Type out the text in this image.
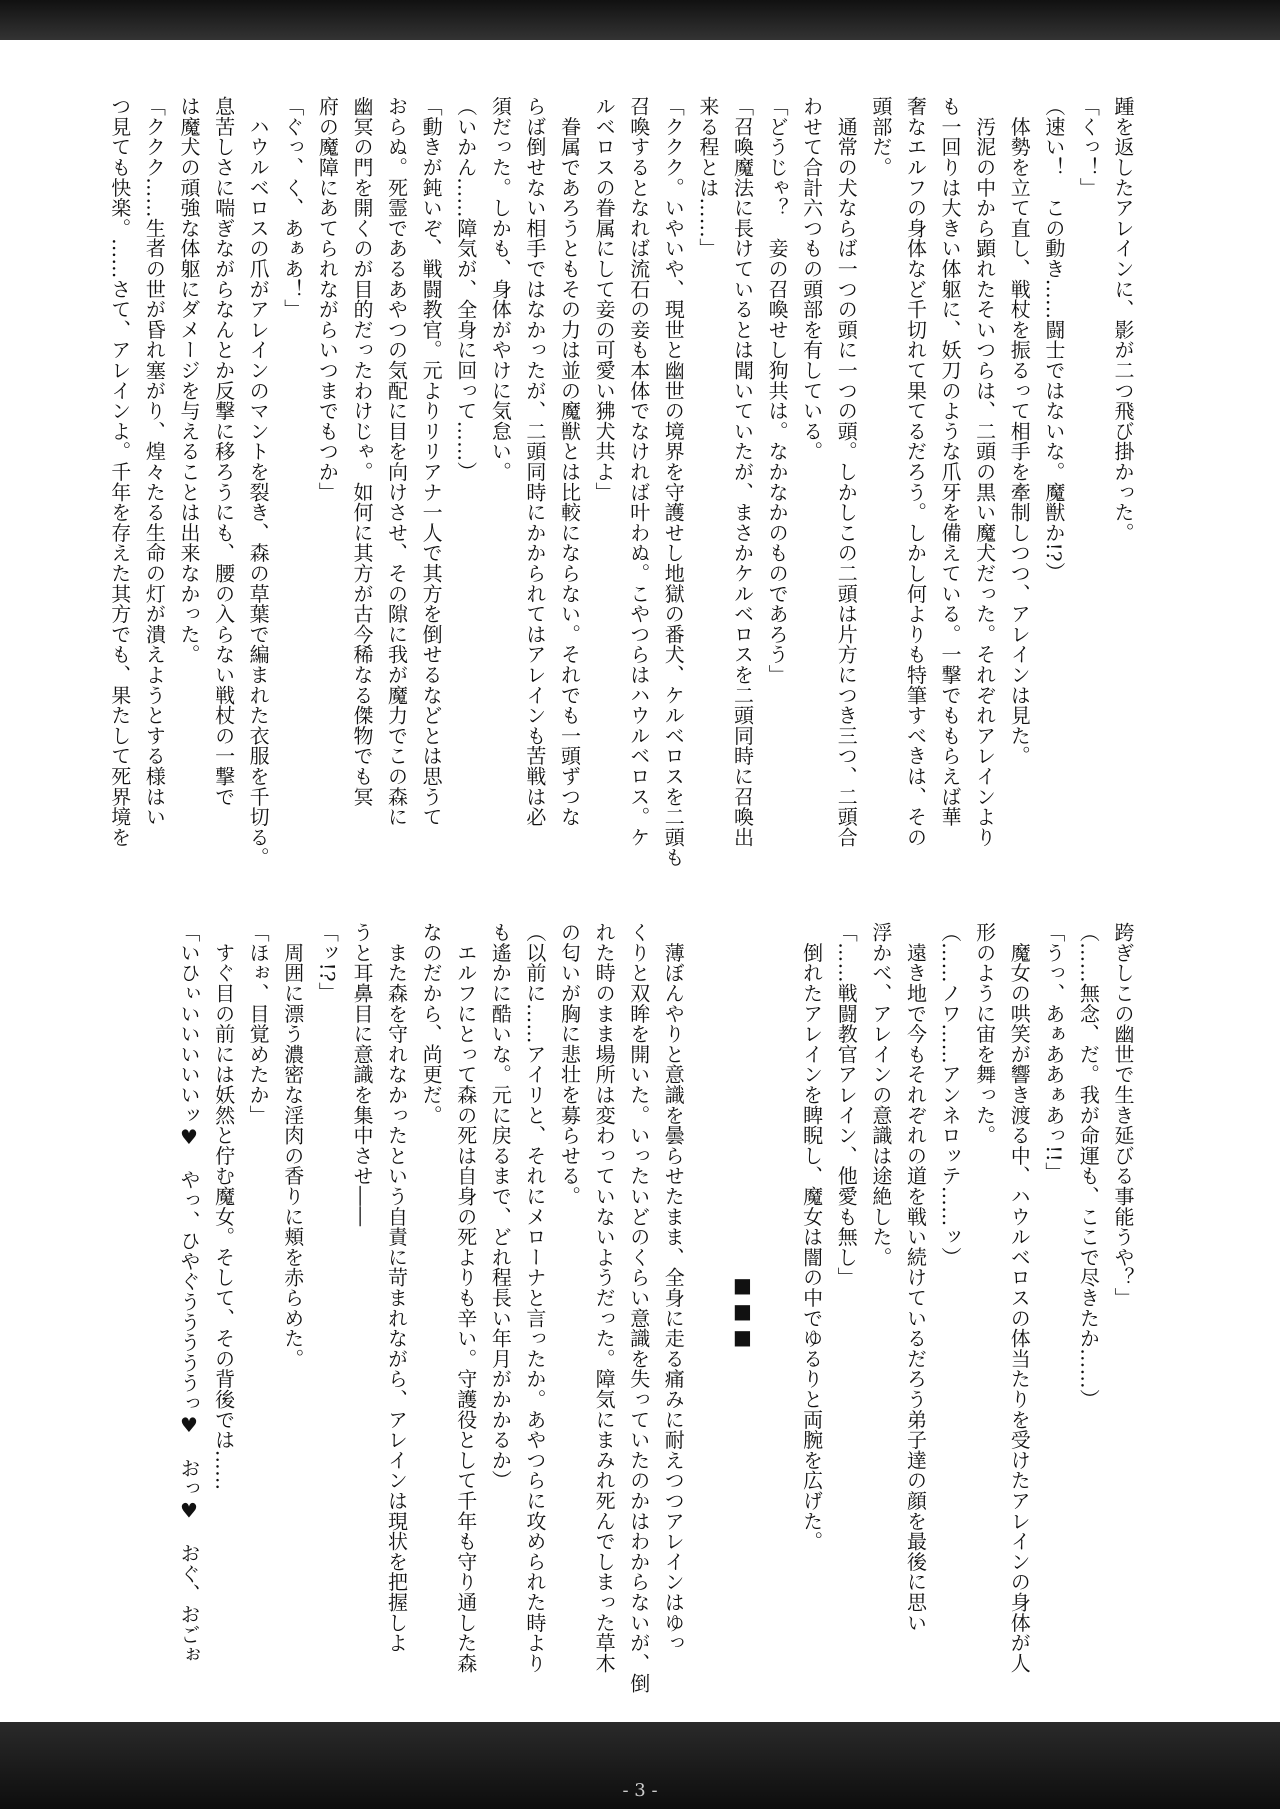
踵を返したアレインに、影が二つ飛び掛かった。
「くっ！」
（速い！　この動き……闘士ではないな。魔獣か!?）
　体勢を立て直し、戦杖を振るって相手を牽制しつつ、アレインは見た。
　汚泥の中から顕れたそいつらは、二頭の黒い魔犬だった。それぞれアレインより
も一回りは大きい体躯に、妖刀のような爪牙を備えている。一撃でももらえば華
奢なエルフの身体など千切れて果てるだろう。しかし何よりも特筆すべきは、その
頭部だ。
　通常の犬ならば一つの頭に一つの頭。しかしこの二頭は片方につき三つ、二頭合
わせて合計六つもの頭部を有している。
「どうじゃ？　妾の召喚せし狗共は。なかなかのものであろう」
「召喚魔法に長けているとは聞いていたが、まさかケルベロスを二頭同時に召喚出
来る程とは……」
「ククク。いやいや、現世と幽世の境界を守護せし地獄の番犬、ケルベロスを二頭も
召喚するとなれば流石の妾も本体でなければ叶わぬ。こやつらはハウルベロス。ケ
ルベロスの眷属にして妾の可愛い狒犬共よ」
　眷属であろうともその力は並の魔獣とは比較にならない。それでも一頭ずつな
らば倒せない相手ではなかったが、二頭同時にかかられてはアレインも苦戦は必
須だった。しかも、身体がやけに気怠い。
（いかん……障気が、全身に回って……）
「動きが鈍いぞ、戦闘教官。元よりリリアナ一人で其方を倒せるなどとは思うて
おらぬ。死霊であるあやつの気配に目を向けさせ、その隙に我が魔力でこの森に
幽冥の門を開くのが目的だったわけじゃ。如何に其方が古今稀なる傑物でも冥
府の魔障にあてられながらいつまでもつか」
「ぐっ、く、あぁあ！」
　ハウルベロスの爪がアレインのマントを裂き、森の草葉で編まれた衣服を千切る。
息苦しさに喘ぎながらなんとか反撃に移ろうにも、腰の入らない戦杖の一撃で
は魔犬の頑強な体躯にダメージを与えることは出来なかった。
「ククク……生者の世が昏れ塞がり、煌々たる生命の灯が潰えようとする様はい
つ見ても快楽。……さて、アレインよ。千年を存えた其方でも、果たして死界境を
跨ぎしこの幽世で生き延びる事能うや？」
（……無念、だ。我が命運も、ここで尽きたか……）
「うっ、あぁああぁあっ!!」
　魔女の哄笑が響き渡る中、ハウルベロスの体当たりを受けたアレインの身体が人
形のように宙を舞った。
（……ノワ……アンネロッテ……ッ）
　遠き地で今もそれぞれの道を戦い続けているだろう弟子達の顔を最後に思い
浮かべ、アレインの意識は途絶した。
「……戦闘教官アレイン、他愛も無し」
　倒れたアレインを睥睨し、魔女は闇の中でゆるりと両腕を広げた。

■■■

　薄ぼんやりと意識を曇らせたまま、全身に走る痛みに耐えつつアレインはゆっ
くりと双眸を開いた。いったいどのくらい意識を失っていたのかはわからないが、倒
れた時のまま場所は変わっていないようだった。障気にまみれ死んでしまった草木
の匂いが胸に悲壮を募らせる。
（以前に……アイリと、それにメローナと言ったか。あやつらに攻められた時より
も遙かに酷いな。元に戻るまで、どれ程長い年月がかかるか）
　エルフにとって森の死は自身の死よりも辛い。守護役として千年も守り通した森
なのだから、尚更だ。
　また森を守れなかったという自責に苛まれながら、アレインは現状を把握しよ
うと耳鼻目に意識を集中させ――
「ッ!?」
　周囲に漂う濃密な淫肉の香りに頬を赤らめた。
「ほぉ、目覚めたか」
　すぐ目の前には妖然と佇む魔女。そして、その背後では……
「いひぃいいいいいッ♥　やっ、ひやぐうううううっ♥　おっ♥　おぐ、おごぉ
- 3 -
